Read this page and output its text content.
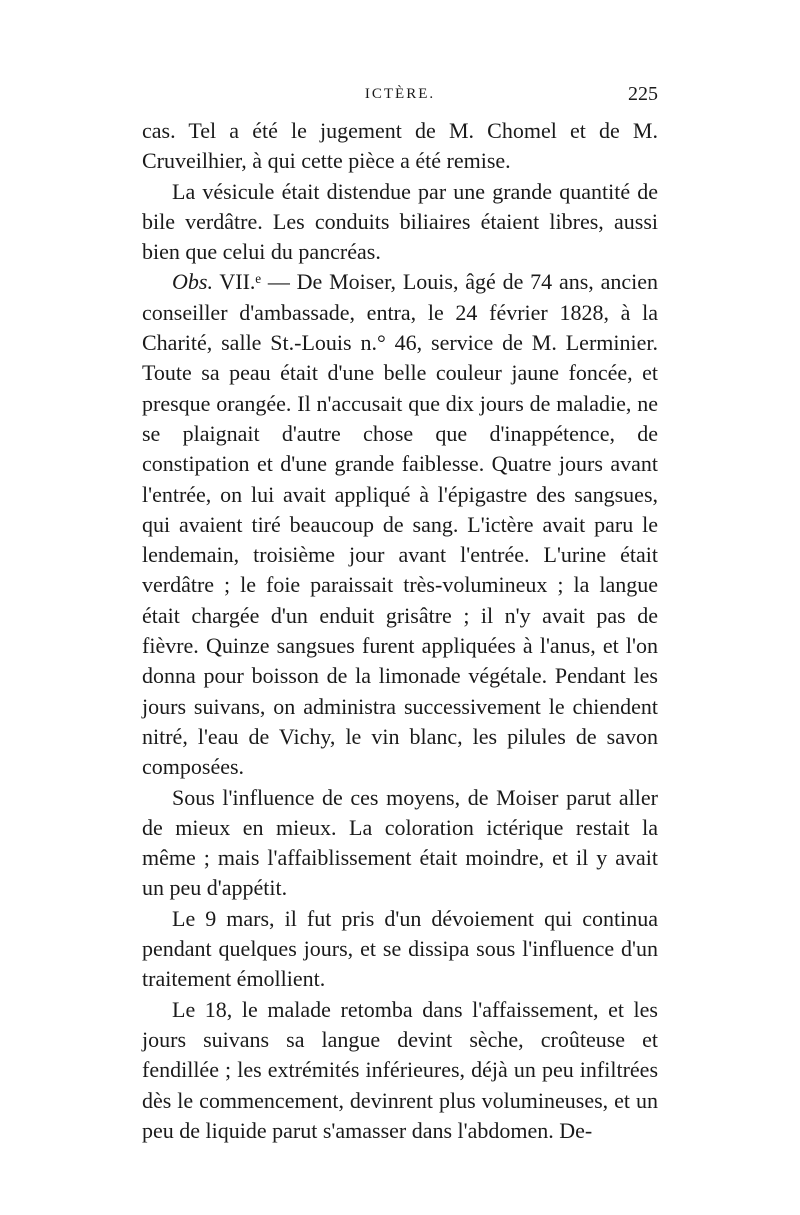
ICTÈRE.	225

cas. Tel a été le jugement de M. Chomel et de M. Cruveilhier, à qui cette pièce a été remise.

La vésicule était distendue par une grande quantité de bile verdâtre. Les conduits biliaires étaient libres, aussi bien que celui du pancréas.

Obs. VII.ᵉ — De Moiser, Louis, âgé de 74 ans, ancien conseiller d'ambassade, entra, le 24 février 1828, à la Charité, salle St.-Louis n.° 46, service de M. Lerminier. Toute sa peau était d'une belle couleur jaune foncée, et presque orangée. Il n'accusait que dix jours de maladie, ne se plaignait d'autre chose que d'inappétence, de constipation et d'une grande faiblesse. Quatre jours avant l'entrée, on lui avait appliqué à l'épigastre des sangsues, qui avaient tiré beaucoup de sang. L'ictère avait paru le lendemain, troisième jour avant l'entrée. L'urine était verdâtre ; le foie paraissait très-volumineux ; la langue était chargée d'un enduit grisâtre ; il n'y avait pas de fièvre. Quinze sangsues furent appliquées à l'anus, et l'on donna pour boisson de la limonade végétale. Pendant les jours suivans, on administra successivement le chiendent nitré, l'eau de Vichy, le vin blanc, les pilules de savon composées.

Sous l'influence de ces moyens, de Moiser parut aller de mieux en mieux. La coloration ictérique restait la même ; mais l'affaiblissement était moindre, et il y avait un peu d'appétit.

Le 9 mars, il fut pris d'un dévoiement qui continua pendant quelques jours, et se dissipa sous l'influence d'un traitement émollient.

Le 18, le malade retomba dans l'affaissement, et les jours suivans sa langue devint sèche, croûteuse et fendillée ; les extrémités inférieures, déjà un peu infiltrées dès le commencement, devinrent plus volumineuses, et un peu de liquide parut s'amasser dans l'abdomen. De-
